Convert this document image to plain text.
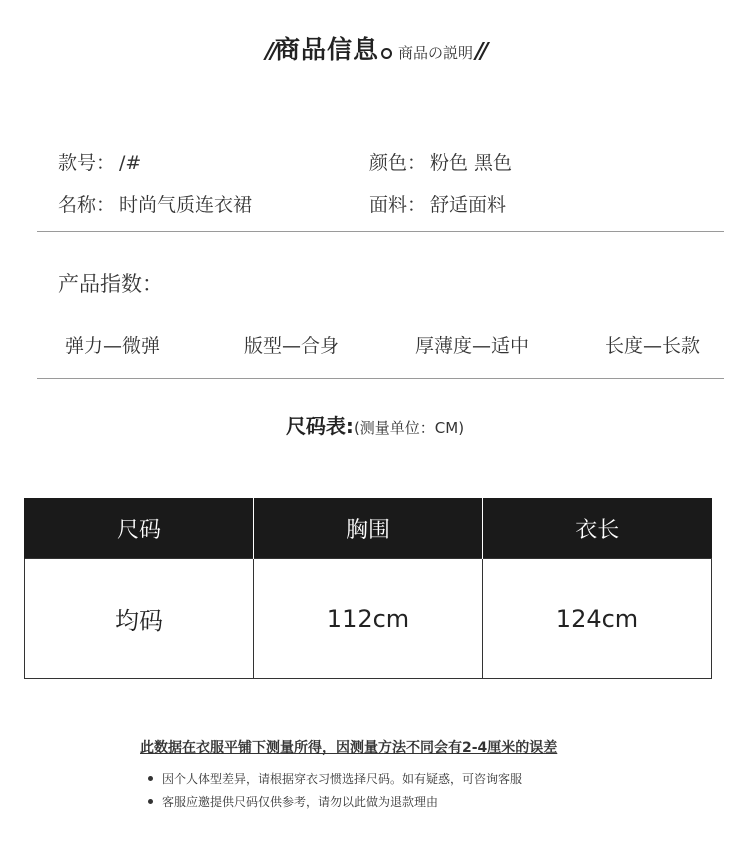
//商品信息 商品の説明//
款号： /#	颜色： 粉色 黑色
名称： 时尚气质连衣裙	面料： 舒适面料
产品指数：
弹力—微弹	版型—合身	厚薄度—适中	长度—长款
尺码表:(测量单位：CM)
尺码	胸围	衣长
均码	112cm	124cm
此数据在衣服平铺下测量所得，因测量方法不同会有2-4厘米的误差
因个人体型差异，请根据穿衣习惯选择尺码。如有疑惑，可咨询客服
客服应邀提供尺码仅供参考，请勿以此做为退款理由
